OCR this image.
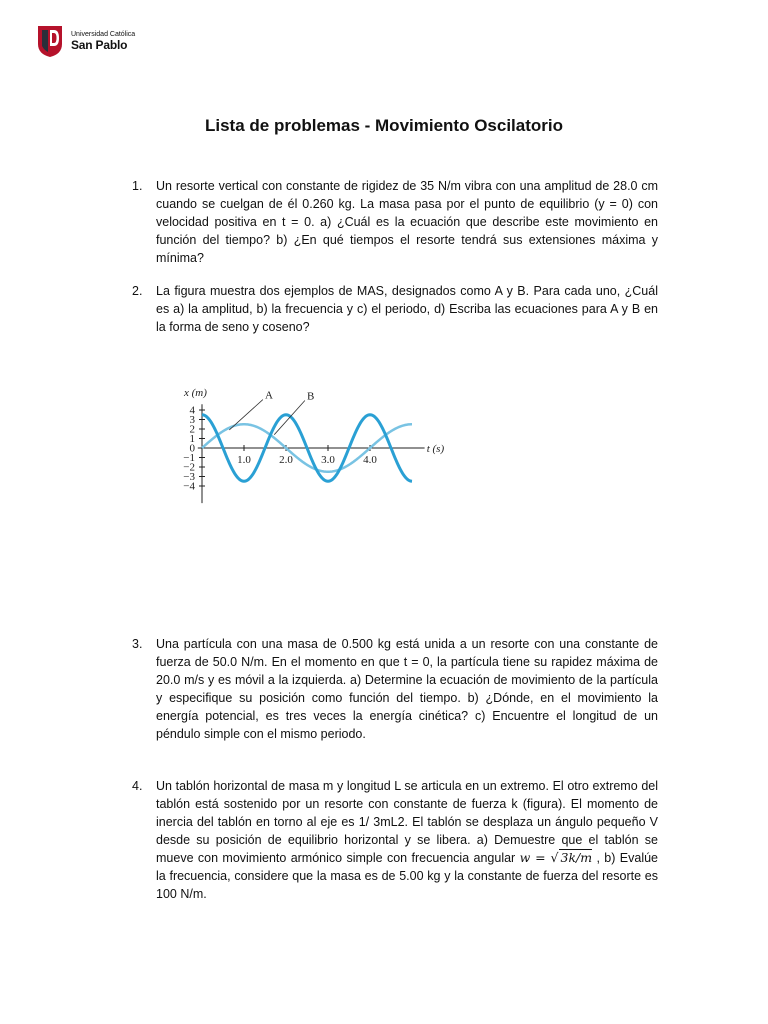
Universidad Católica
San Pablo
Lista de problemas - Movimiento Oscilatorio
1.	Un resorte vertical con constante de rigidez de 35 N/m vibra con una amplitud de 28.0 cm cuando se cuelgan de él 0.260 kg. La masa pasa por el punto de equilibrio (y = 0) con velocidad positiva en t = 0. a) ¿Cuál es la ecuación que describe este movimiento en función del tiempo? b) ¿En qué tiempos el resorte tendrá sus extensiones máxima y mínima?
2.	La figura muestra dos ejemplos de MAS, designados como A y B. Para cada uno, ¿Cuál es a) la amplitud, b) la frecuencia y c) el periodo, d) Escriba las ecuaciones para A y B en la forma de seno y coseno?
4
3
2
1
0
−1
−2
−3
−4
1.0	2.0	3.0	4.0
x (m)
t (s)
A	B
3.	Una partícula con una masa de 0.500 kg está unida a un resorte con una constante de fuerza de 50.0 N/m. En el momento en que t = 0, la partícula tiene su rapidez máxima de 20.0 m/s y es móvil a la izquierda. a) Determine la ecuación de movimiento de la partícula y especifique su posición como función del tiempo. b) ¿Dónde, en el movimiento la energía potencial, es tres veces la energía cinética? c) Encuentre el longitud de un péndulo simple con el mismo periodo.
4.	Un tablón horizontal de masa m y longitud L se articula en un extremo. El otro extremo del tablón está sostenido por un resorte con constante de fuerza k (figura). El momento de inercia del tablón en torno al eje es 1/ 3mL2. El tablón se desplaza un ángulo pequeño V desde su posición de equilibrio horizontal y se libera. a) Demuestre que el tablón se mueve con movimiento armónico simple con frecuencia angular w = √ 3k/m , b) Evalúe la frecuencia, considere que la masa es de 5.00 kg y la constante de fuerza del resorte es 100 N/m.
